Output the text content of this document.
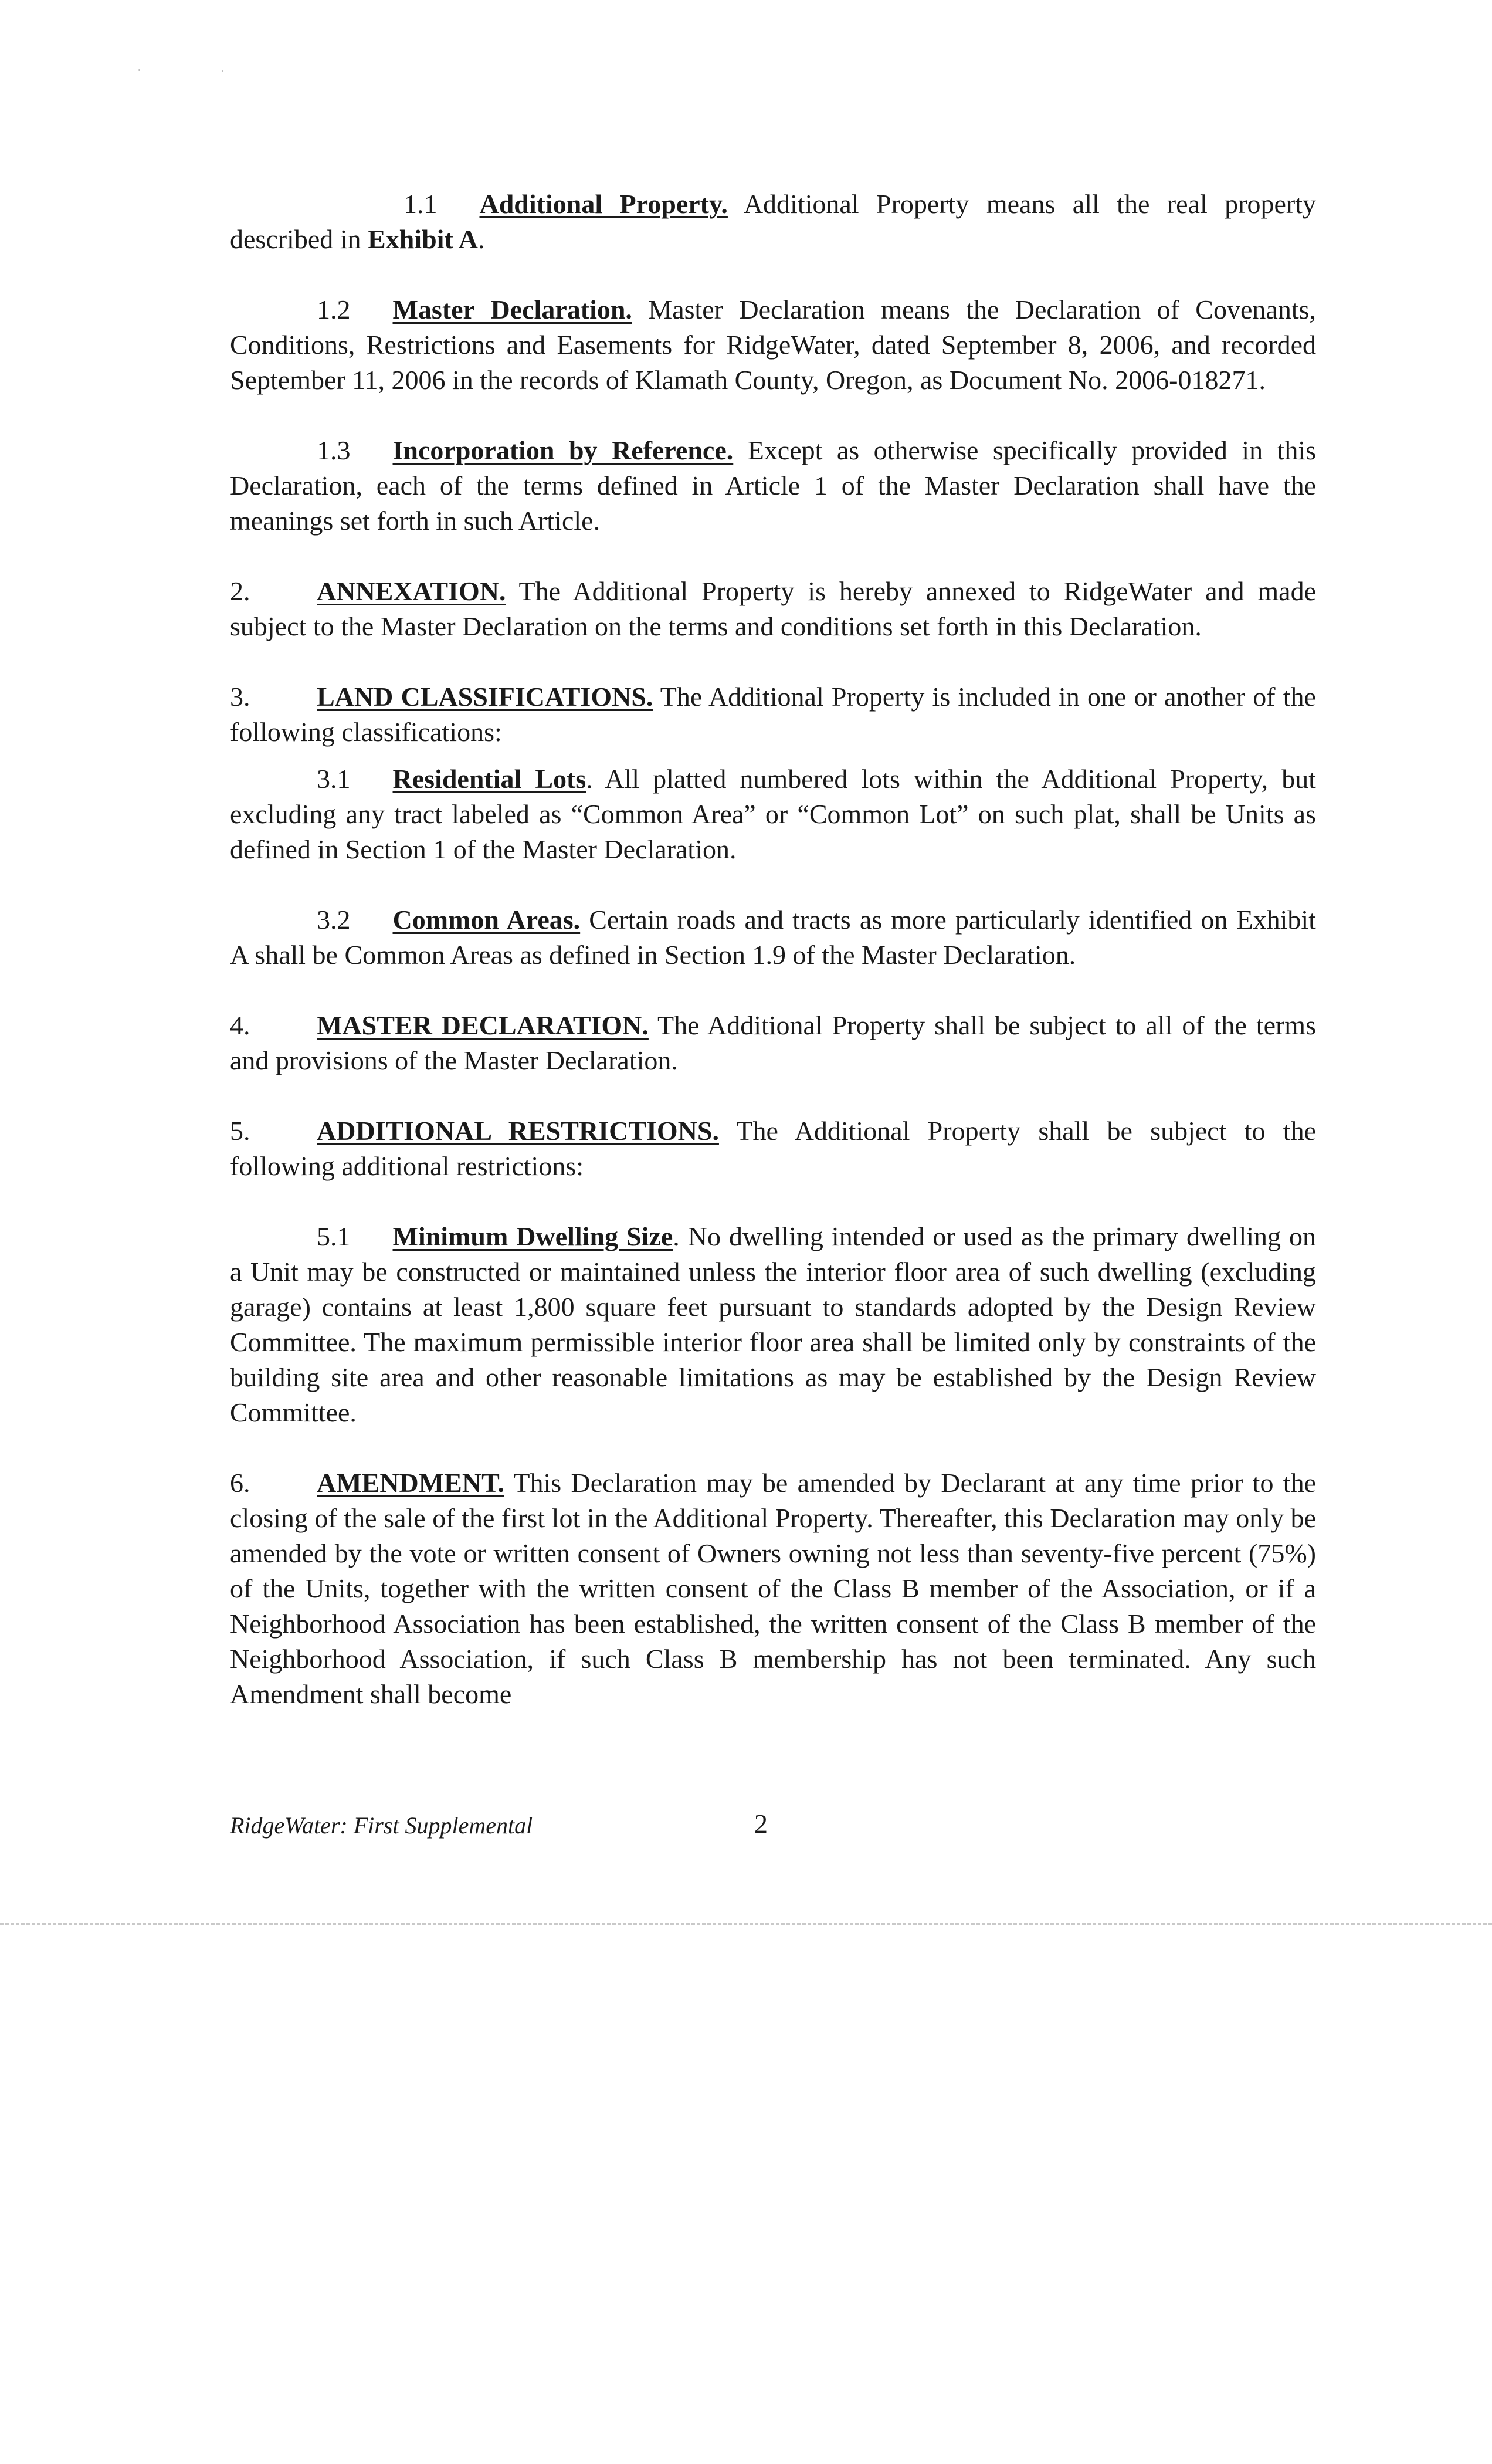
1.1 Additional Property. Additional Property means all the real property described in Exhibit A.

1.2 Master Declaration. Master Declaration means the Declaration of Covenants, Conditions, Restrictions and Easements for RidgeWater, dated September 8, 2006, and recorded September 11, 2006 in the records of Klamath County, Oregon, as Document No. 2006-018271.

1.3 Incorporation by Reference. Except as otherwise specifically provided in this Declaration, each of the terms defined in Article 1 of the Master Declaration shall have the meanings set forth in such Article.

2. ANNEXATION. The Additional Property is hereby annexed to RidgeWater and made subject to the Master Declaration on the terms and conditions set forth in this Declaration.

3. LAND CLASSIFICATIONS. The Additional Property is included in one or another of the following classifications:

3.1 Residential Lots. All platted numbered lots within the Additional Property, but excluding any tract labeled as “Common Area” or “Common Lot” on such plat, shall be Units as defined in Section 1 of the Master Declaration.

3.2 Common Areas. Certain roads and tracts as more particularly identified on Exhibit A shall be Common Areas as defined in Section 1.9 of the Master Declaration.

4. MASTER DECLARATION. The Additional Property shall be subject to all of the terms and provisions of the Master Declaration.

5. ADDITIONAL RESTRICTIONS. The Additional Property shall be subject to the following additional restrictions:

5.1 Minimum Dwelling Size. No dwelling intended or used as the primary dwelling on a Unit may be constructed or maintained unless the interior floor area of such dwelling (excluding garage) contains at least 1,800 square feet pursuant to standards adopted by the Design Review Committee. The maximum permissible interior floor area shall be limited only by constraints of the building site area and other reasonable limitations as may be established by the Design Review Committee.

6. AMENDMENT. This Declaration may be amended by Declarant at any time prior to the closing of the sale of the first lot in the Additional Property. Thereafter, this Declaration may only be amended by the vote or written consent of Owners owning not less than seventy-five percent (75%) of the Units, together with the written consent of the Class B member of the Association, or if a Neighborhood Association has been established, the written consent of the Class B member of the Neighborhood Association, if such Class B membership has not been terminated. Any such Amendment shall become

RidgeWater: First Supplemental	2
